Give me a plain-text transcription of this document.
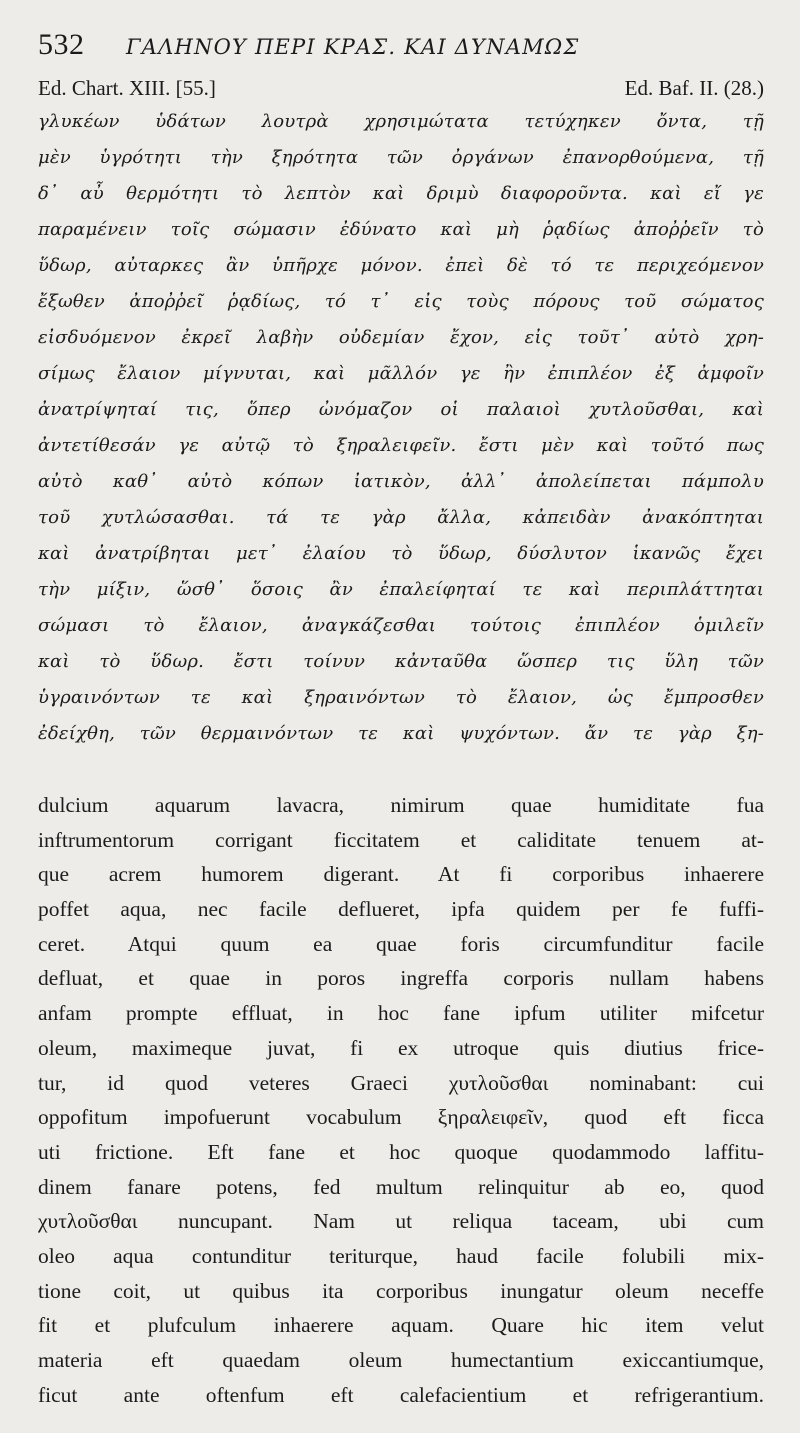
532	ΓΑΛΗΝΟΥ ΠΕΡΙ ΚΡΑΣ. ΚΑΙ ΔΥΝΑΜΩΣ
Ed. Chart. XIII. [55.]	Ed. Baf. II. (28.)
γλυκέων ὑδάτων λουτρὰ χρησιμώτατα τετύχηκεν ὄντα, τῇ
μὲν ὑγρότητι τὴν ξηρότητα τῶν ὀργάνων ἐπανορθούμενα, τῇ
δ᾽ αὖ θερμότητι τὸ λεπτὸν καὶ δριμὺ διαφοροῦντα. καὶ εἴ γε
παραμένειν τοῖς σώμασιν ἐδύνατο καὶ μὴ ῥᾳδίως ἀποῤῥεῖν τὸ
ὕδωρ, αὐταρκες ἂν ὑπῆρχε μόνον. ἐπεὶ δὲ τό τε περιχεόμενον
ἔξωθεν ἀποῤῥεῖ ῥᾳδίως, τό τ᾽ εἰς τοὺς πόρους τοῦ σώματος
εἰσδυόμενον ἐκρεῖ λαβὴν οὐδεμίαν ἔχον, εἰς τοῦτ᾽ αὐτὸ χρη-
σίμως ἔλαιον μίγνυται, καὶ μᾶλλόν γε ἢν ἐπιπλέον ἐξ ἀμφοῖν
ἀνατρίψηταί τις, ὅπερ ὠνόμαζον οἱ παλαιοὶ χυτλοῦσθαι, καὶ
ἀντετίθεσάν γε αὐτῷ τὸ ξηραλειφεῖν. ἔστι μὲν καὶ τοῦτό πως
αὐτὸ καθ᾽ αὐτὸ κόπων ἰατικὸν, ἀλλ᾽ ἀπολείπεται πάμπολυ
τοῦ χυτλώσασθαι. τά τε γὰρ ἄλλα, κἀπειδὰν ἀνακόπτηται
καὶ ἀνατρίβηται μετ᾽ ἐλαίου τὸ ὕδωρ, δύσλυτον ἱκανῶς ἔχει
τὴν μίξιν, ὥσθ᾽ ὅσοις ἂν ἐπαλείφηταί τε καὶ περιπλάττηται
σώμασι τὸ ἔλαιον, ἀναγκάζεσθαι τούτοις ἐπιπλέον ὁμιλεῖν
καὶ τὸ ὕδωρ. ἔστι τοίνυν κἀνταῦθα ὥσπερ τις ὕλη τῶν
ὑγραινόντων τε καὶ ξηραινόντων τὸ ἔλαιον, ὡς ἔμπροσθεν
ἐδείχθη, τῶν θερμαινόντων τε καὶ ψυχόντων. ἄν τε γὰρ ξη-
dulcium aquarum lavacra, nimirum quae humiditate fua
inftrumentorum corrigant ficcitatem et caliditate tenuem at-
que acrem humorem digerant. At fi corporibus inhaerere
poffet aqua, nec facile deflueret, ipfa quidem per fe fuffi-
ceret. Atqui quum ea quae foris circumfunditur facile
defluat, et quae in poros ingreffa corporis nullam habens
anfam prompte effluat, in hoc fane ipfum utiliter mifcetur
oleum, maximeque juvat, fi ex utroque quis diutius frice-
tur, id quod veteres Graeci χυτλοῦσθαι nominabant: cui
oppofitum impofuerunt vocabulum ξηραλειφεῖν, quod eft ficca
uti frictione. Eft fane et hoc quoque quodammodo laffitu-
dinem fanare potens, fed multum relinquitur ab eo, quod
χυτλοῦσθαι nuncupant. Nam ut reliqua taceam, ubi cum
oleo aqua contunditur teriturque, haud facile folubili mix-
tione coit, ut quibus ita corporibus inungatur oleum neceffe
fit et plufculum inhaerere aquam. Quare hic item velut
materia eft quaedam oleum humectantium exiccantiumque,
ficut ante oftenfum eft calefacientium et refrigerantium.
